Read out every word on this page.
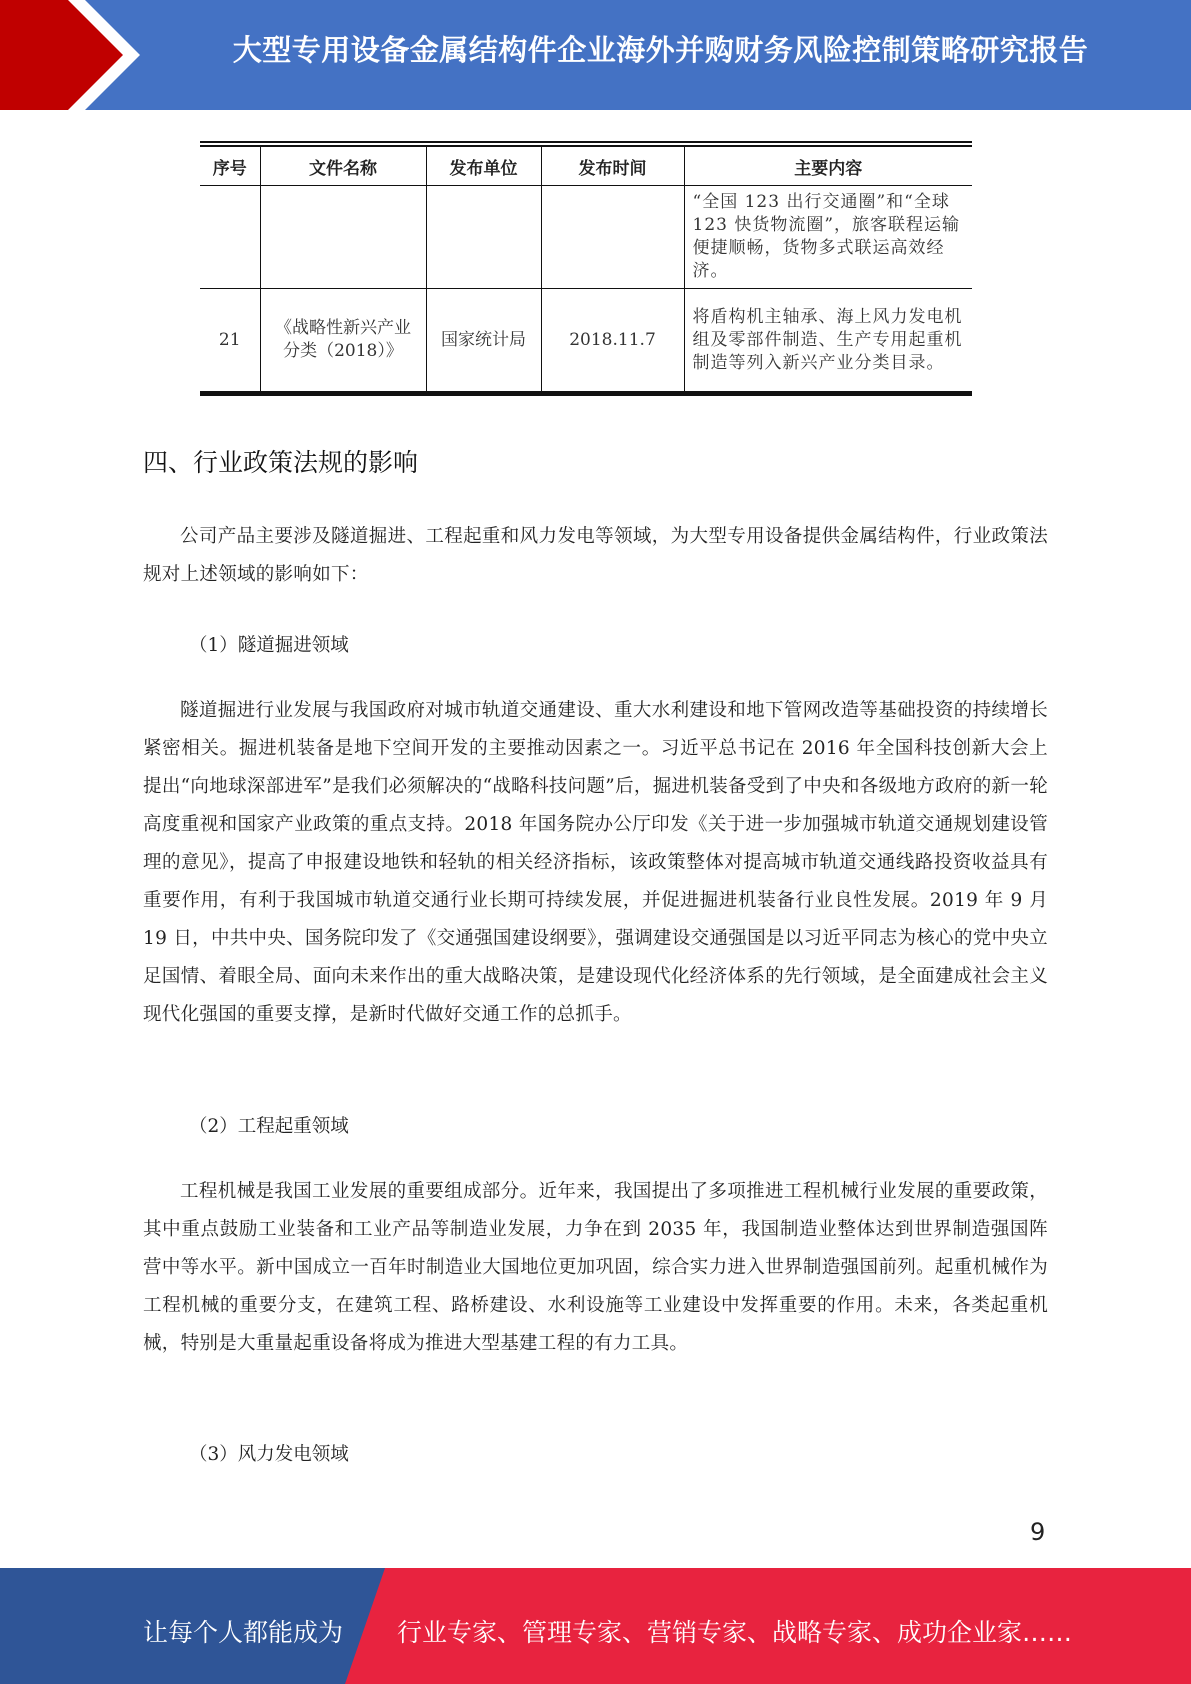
大型专用设备金属结构件企业海外并购财务风险控制策略研究报告
序号	文件名称	发布单位	发布时间	主要内容
				“全国 123 出行交通圈”和“全球 123 快货物流圈”，旅客联程运输便捷顺畅，货物多式联运高效经济。
21	《战略性新兴产业分类（2018）》	国家统计局	2018.11.7	将盾构机主轴承、海上风力发电机组及零部件制造、生产专用起重机制造等列入新兴产业分类目录。
四、行业政策法规的影响
公司产品主要涉及隧道掘进、工程起重和风力发电等领域，为大型专用设备提供金属结构件，行业政策法规对上述领域的影响如下：
（1）隧道掘进领域
隧道掘进行业发展与我国政府对城市轨道交通建设、重大水利建设和地下管网改造等基础投资的持续增长紧密相关。掘进机装备是地下空间开发的主要推动因素之一。习近平总书记在 2016 年全国科技创新大会上提出“向地球深部进军”是我们必须解决的“战略科技问题”后，掘进机装备受到了中央和各级地方政府的新一轮高度重视和国家产业政策的重点支持。2018 年国务院办公厅印发《关于进一步加强城市轨道交通规划建设管理的意见》，提高了申报建设地铁和轻轨的相关经济指标，该政策整体对提高城市轨道交通线路投资收益具有重要作用，有利于我国城市轨道交通行业长期可持续发展，并促进掘进机装备行业良性发展。2019 年 9 月 19 日，中共中央、国务院印发了《交通强国建设纲要》，强调建设交通强国是以习近平同志为核心的党中央立足国情、着眼全局、面向未来作出的重大战略决策，是建设现代化经济体系的先行领域，是全面建成社会主义现代化强国的重要支撑，是新时代做好交通工作的总抓手。
（2）工程起重领域
工程机械是我国工业发展的重要组成部分。近年来，我国提出了多项推进工程机械行业发展的重要政策，其中重点鼓励工业装备和工业产品等制造业发展，力争在到 2035 年，我国制造业整体达到世界制造强国阵营中等水平。新中国成立一百年时制造业大国地位更加巩固，综合实力进入世界制造强国前列。起重机械作为工程机械的重要分支，在建筑工程、路桥建设、水利设施等工业建设中发挥重要的作用。未来，各类起重机械，特别是大重量起重设备将成为推进大型基建工程的有力工具。
（3）风力发电领域
9
让每个人都能成为 行业专家、管理专家、营销专家、战略专家、成功企业家……
